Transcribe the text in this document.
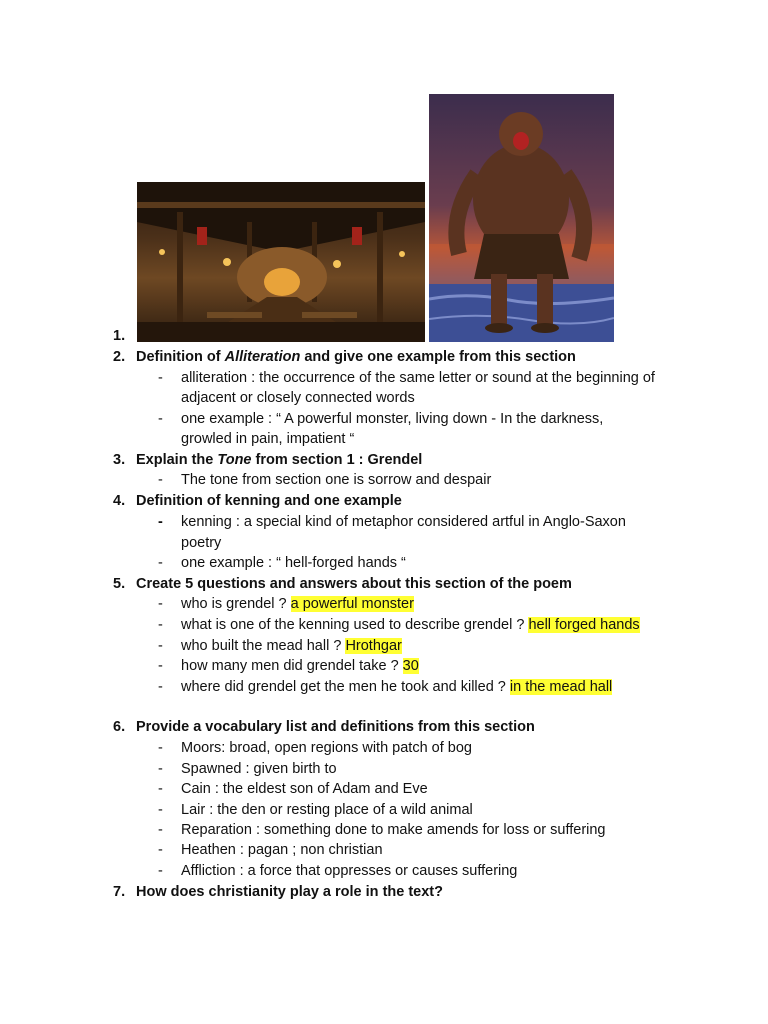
1.
2. Definition of Alliteration and give one example from this section
- alliteration : the occurrence of the same letter or sound at the beginning of
adjacent or closely connected words
- one example : “ A powerful monster, living down - In the darkness,
growled in pain, impatient “
3. Explain the Tone from section 1 : Grendel
- The tone from section one is sorrow and despair
4. Definition of kenning and one example
- kenning : a special kind of metaphor considered artful in Anglo-Saxon
poetry
- one example : “ hell-forged hands “
5. Create 5 questions and answers about this section of the poem
- who is grendel ? a powerful monster
- what is one of the kenning used to describe grendel ? hell forged hands
- who built the mead hall ? Hrothgar
- how many men did grendel take ? 30
- where did grendel get the men he took and killed ? in the mead hall
6. Provide a vocabulary list and definitions from this section
- Moors: broad, open regions with patch of bog
- Spawned : given birth to
- Cain : the eldest son of Adam and Eve
- Lair : the den or resting place of a wild animal
- Reparation : something done to make amends for loss or suffering
- Heathen : pagan ; non christian
- Affliction : a force that oppresses or causes suffering
7. How does christianity play a role in the text?
